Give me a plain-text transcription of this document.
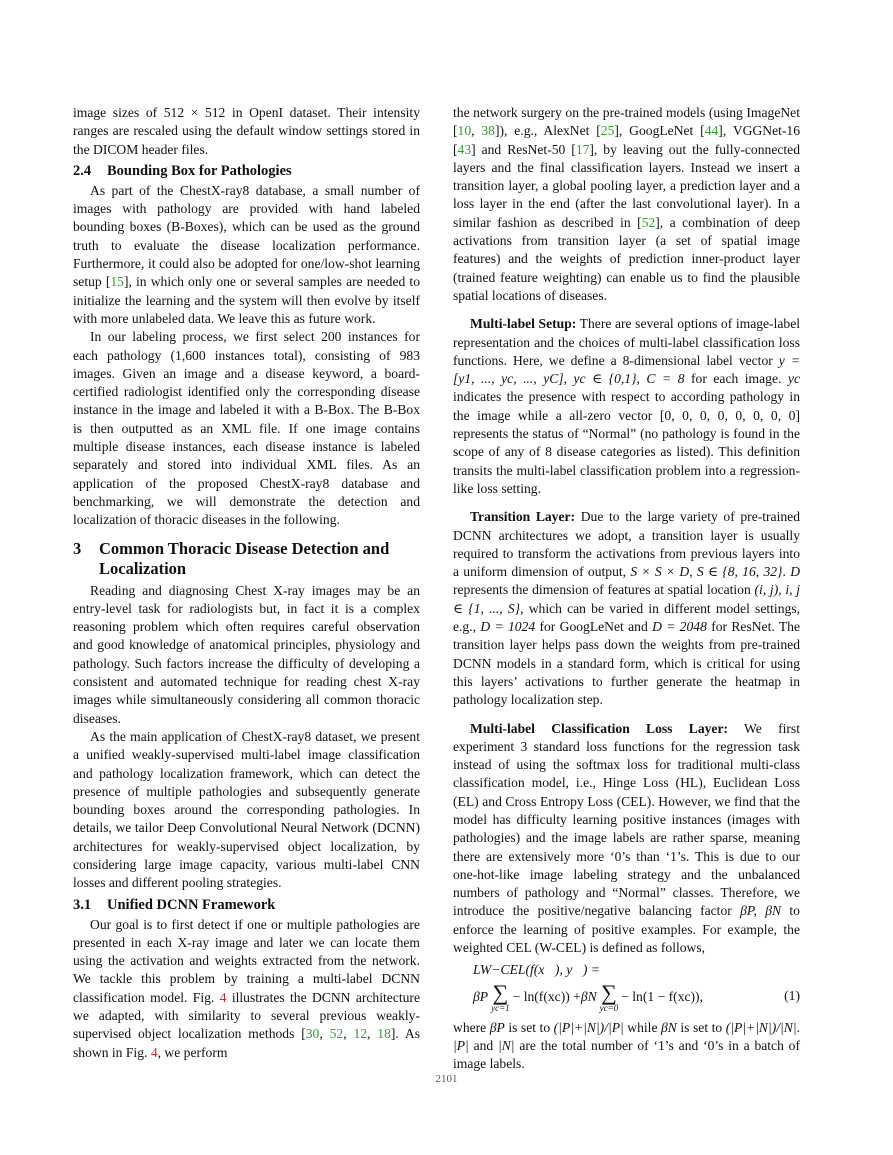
image sizes of 512 × 512 in OpenI dataset. Their intensity ranges are rescaled using the default window settings stored in the DICOM header files.

2.4	Bounding Box for Pathologies

As part of the ChestX-ray8 database, a small number of images with pathology are provided with hand labeled bounding boxes (B-Boxes), which can be used as the ground truth to evaluate the disease localization performance. Furthermore, it could also be adopted for one/low-shot learning setup [15], in which only one or several samples are needed to initialize the learning and the system will then evolve by itself with more unlabeled data. We leave this as future work.

In our labeling process, we first select 200 instances for each pathology (1,600 instances total), consisting of 983 images. Given an image and a disease keyword, a board-certified radiologist identified only the corresponding disease instance in the image and labeled it with a B-Box. The B-Box is then outputted as an XML file. If one image contains multiple disease instances, each disease instance is labeled separately and stored into individual XML files. As an application of the proposed ChestX-ray8 database and benchmarking, we will demonstrate the detection and localization of thoracic diseases in the following.

3	Common Thoracic Disease Detection and Localization

Reading and diagnosing Chest X-ray images may be an entry-level task for radiologists but, in fact it is a complex reasoning problem which often requires careful observation and good knowledge of anatomical principles, physiology and pathology. Such factors increase the difficulty of developing a consistent and automated technique for reading chest X-ray images while simultaneously considering all common thoracic diseases.

As the main application of ChestX-ray8 dataset, we present a unified weakly-supervised multi-label image classification and pathology localization framework, which can detect the presence of multiple pathologies and subsequently generate bounding boxes around the corresponding pathologies. In details, we tailor Deep Convolutional Neural Network (DCNN) architectures for weakly-supervised object localization, by considering large image capacity, various multi-label CNN losses and different pooling strategies.

3.1	Unified DCNN Framework

Our goal is to first detect if one or multiple pathologies are presented in each X-ray image and later we can locate them using the activation and weights extracted from the network. We tackle this problem by training a multi-label DCNN classification model. Fig. 4 illustrates the DCNN architecture we adapted, with similarity to several previous weakly-supervised object localization methods [30, 52, 12, 18]. As shown in Fig. 4, we perform

the network surgery on the pre-trained models (using ImageNet [10, 38]), e.g., AlexNet [25], GoogLeNet [44], VGGNet-16 [43] and ResNet-50 [17], by leaving out the fully-connected layers and the final classification layers. Instead we insert a transition layer, a global pooling layer, a prediction layer and a loss layer in the end (after the last convolutional layer). In a similar fashion as described in [52], a combination of deep activations from transition layer (a set of spatial image features) and the weights of prediction inner-product layer (trained feature weighting) can enable us to find the plausible spatial locations of diseases.

Multi-label Setup: There are several options of image-label representation and the choices of multi-label classification loss functions. Here, we define a 8-dimensional label vector y = [y1, ..., yc, ..., yC], yc ∈ {0,1}, C = 8 for each image. yc indicates the presence with respect to according pathology in the image while a all-zero vector [0, 0, 0, 0, 0, 0, 0, 0] represents the status of “Normal” (no pathology is found in the scope of any of 8 disease categories as listed). This definition transits the multi-label classification problem into a regression-like loss setting.

Transition Layer: Due to the large variety of pre-trained DCNN architectures we adopt, a transition layer is usually required to transform the activations from previous layers into a uniform dimension of output, S × S × D, S ∈ {8, 16, 32}. D represents the dimension of features at spatial location (i, j), i, j ∈ {1, ..., S}, which can be varied in different model settings, e.g., D = 1024 for GoogLeNet and D = 2048 for ResNet. The transition layer helps pass down the weights from pre-trained DCNN models in a standard form, which is critical for using this layers’ activations to further generate the heatmap in pathology localization step.

Multi-label Classification Loss Layer: We first experiment 3 standard loss functions for the regression task instead of using the softmax loss for traditional multi-class classification model, i.e., Hinge Loss (HL), Euclidean Loss (EL) and Cross Entropy Loss (CEL). However, we find that the model has difficulty learning positive instances (images with pathologies) and the image labels are rather sparse, meaning there are extensively more ‘0’s than ‘1’s. This is due to our one-hot-like image labeling strategy and the unbalanced numbers of pathology and “Normal” classes. Therefore, we introduce the positive/negative balancing factor βP, βN to enforce the learning of positive examples. For example, the weighted CEL (W-CEL) is defined as follows,

LW−CEL(f(x⃗), y⃗) =
βP ∑
yc=1
− ln(f(xc)) + βN ∑
yc=0
− ln(1 − f(xc)),	(1)

where βP is set to (|P|+|N|)/|P| while βN is set to (|P|+|N|)/|N|. |P| and |N| are the total number of ‘1’s and ‘0’s in a batch of image labels.

2101
